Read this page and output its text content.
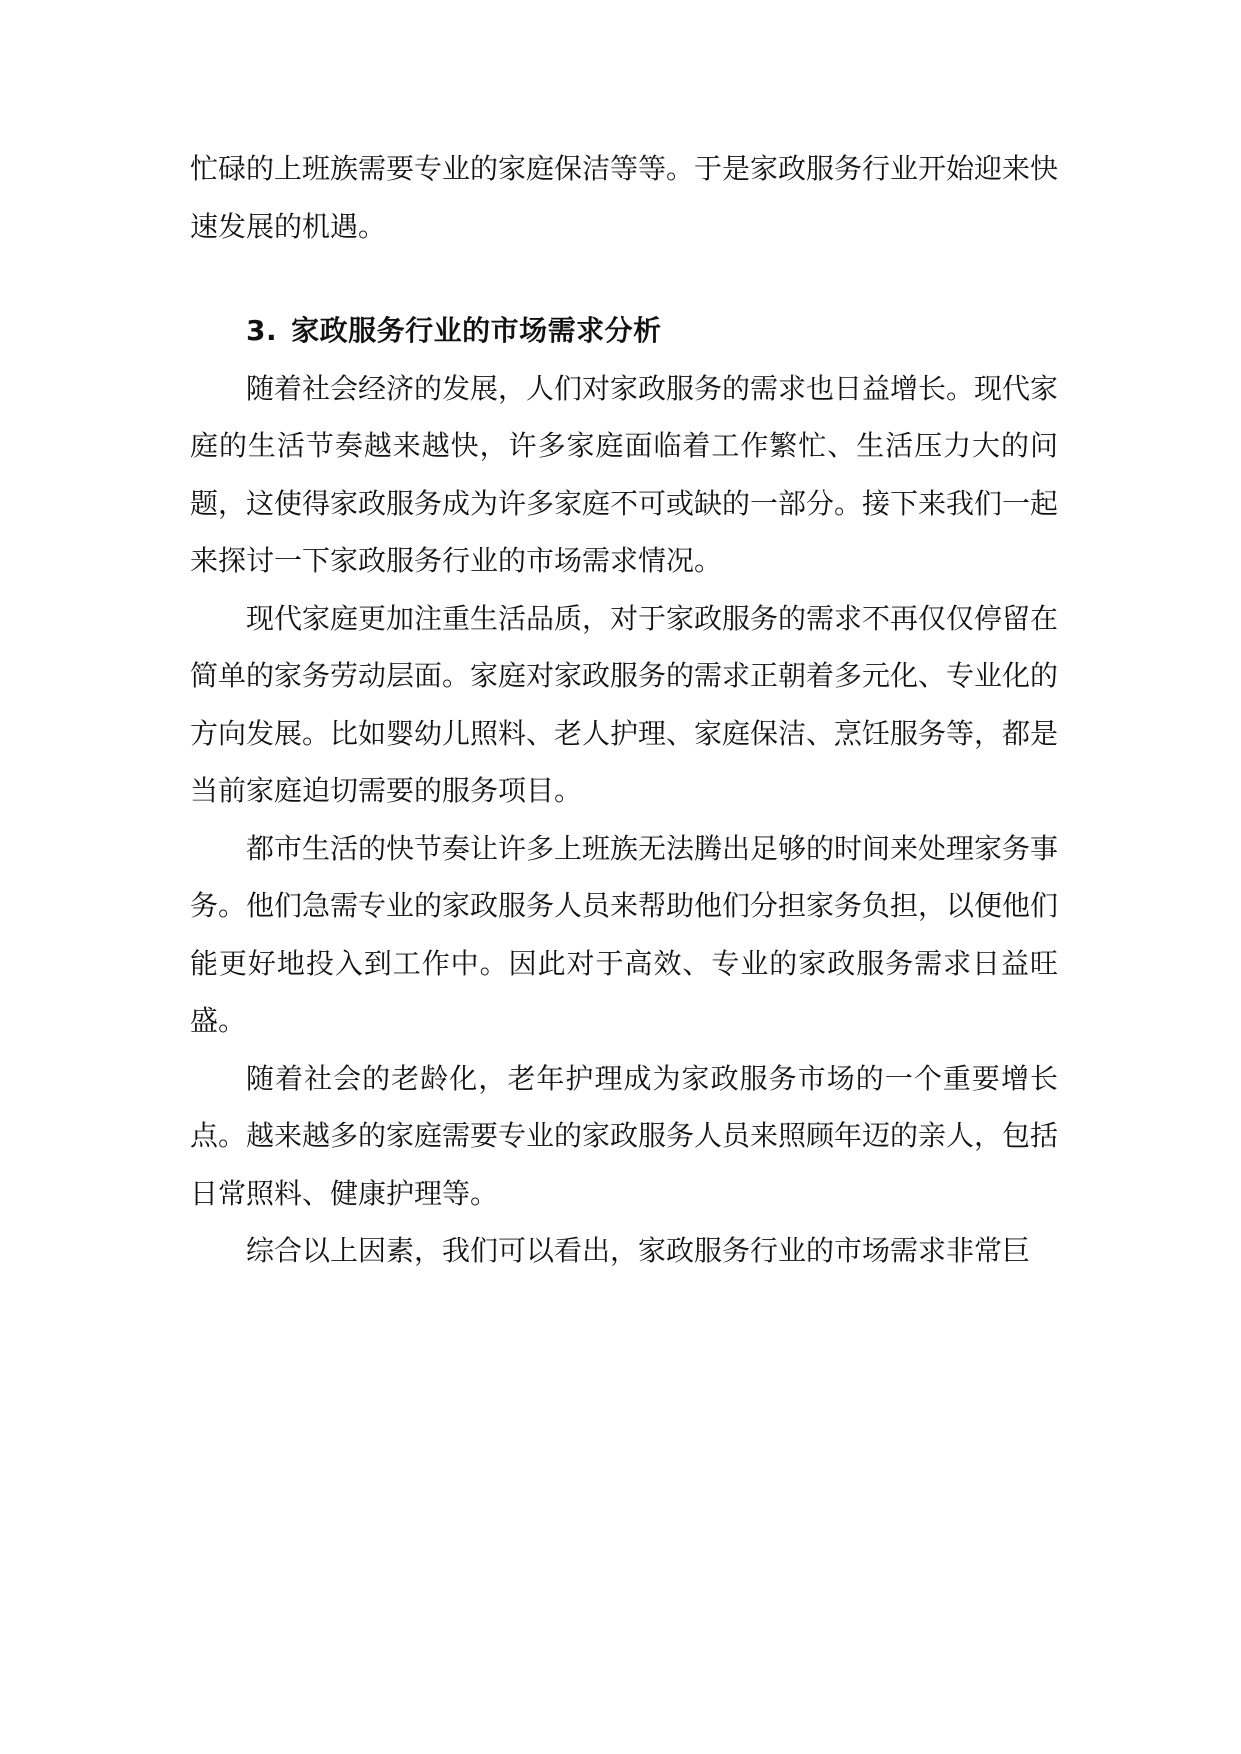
忙碌的上班族需要专业的家庭保洁等等。于是家政服务行业开始迎来快速发展的机遇。

3. 家政服务行业的市场需求分析

随着社会经济的发展，人们对家政服务的需求也日益增长。现代家庭的生活节奏越来越快，许多家庭面临着工作繁忙、生活压力大的问题，这使得家政服务成为许多家庭不可或缺的一部分。接下来我们一起来探讨一下家政服务行业的市场需求情况。

现代家庭更加注重生活品质，对于家政服务的需求不再仅仅停留在简单的家务劳动层面。家庭对家政服务的需求正朝着多元化、专业化的方向发展。比如婴幼儿照料、老人护理、家庭保洁、烹饪服务等，都是当前家庭迫切需要的服务项目。

都市生活的快节奏让许多上班族无法腾出足够的时间来处理家务事务。他们急需专业的家政服务人员来帮助他们分担家务负担，以便他们能更好地投入到工作中。因此对于高效、专业的家政服务需求日益旺盛。

随着社会的老龄化，老年护理成为家政服务市场的一个重要增长点。越来越多的家庭需要专业的家政服务人员来照顾年迈的亲人，包括日常照料、健康护理等。

综合以上因素，我们可以看出，家政服务行业的市场需求非常巨
